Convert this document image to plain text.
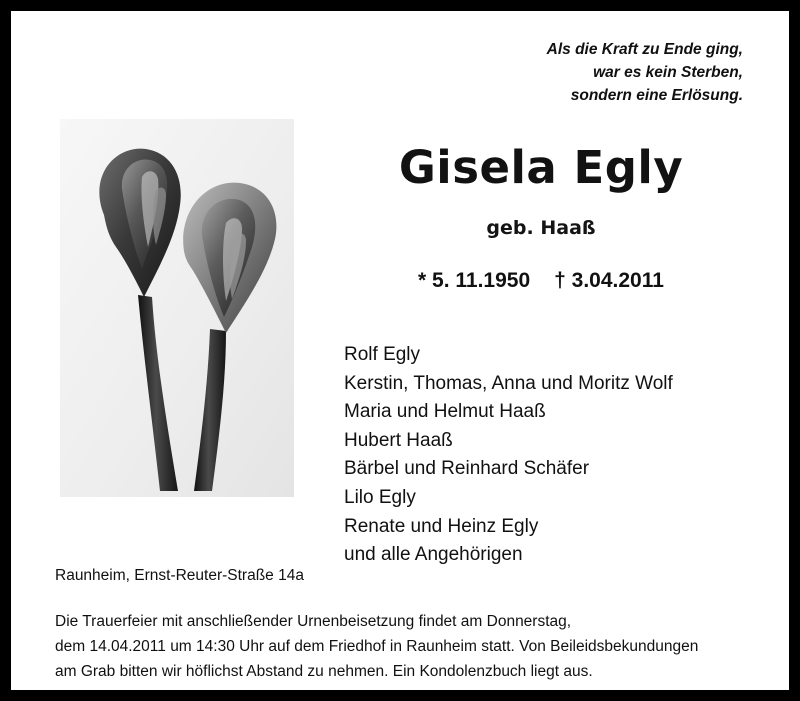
Als die Kraft zu Ende ging,
war es kein Sterben,
sondern eine Erlösung.
Gisela Egly
geb. Haaß
* 5. 11.1950 † 3.04.2011
Rolf Egly
Kerstin, Thomas, Anna und Moritz Wolf
Maria und Helmut Haaß
Hubert Haaß
Bärbel und Reinhard Schäfer
Lilo Egly
Renate und Heinz Egly
und alle Angehörigen
Raunheim, Ernst-Reuter-Straße 14a
Die Trauerfeier mit anschließender Urnenbeisetzung findet am Donnerstag,
dem 14.04.2011 um 14:30 Uhr auf dem Friedhof in Raunheim statt. Von Beileidsbekundungen
am Grab bitten wir höflichst Abstand zu nehmen. Ein Kondolenzbuch liegt aus.
